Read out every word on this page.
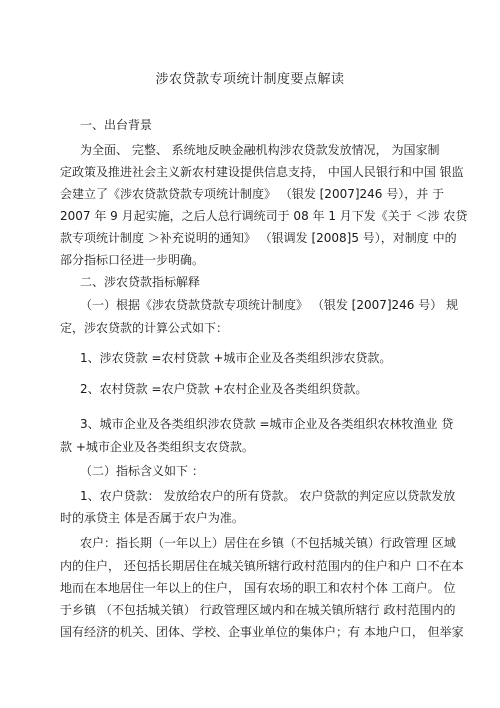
涉农贷款专项统计制度要点解读
一、出台背景
为全面、 完整、 系统地反映金融机构涉农贷款发放情况， 为国家制
定政策及推进社会主义新农村建设提供信息支持， 中国人民银行和中国 银监
会建立了《涉农贷款贷款专项统计制度》 （银发 [2007]246 号），并 于
2007 年 9 月起实施，之后人总行调统司于 08 年 1 月下发《关于 ＜涉 农贷
款专项统计制度 ＞补充说明的通知》 （银调发 [2008]5 号），对制度 中的
部分指标口径进一步明确。
二、涉农贷款指标解释
（一）根据《涉农贷款贷款专项统计制度》 （银发 [2007]246 号） 规
定，涉农贷款的计算公式如下：
1、涉农贷款 =农村贷款 +城市企业及各类组织涉农贷款。
2、农村贷款 =农户贷款 +农村企业及各类组织贷款。
3、城市企业及各类组织涉农贷款 =城市企业及各类组织农林牧渔业 贷
款 +城市企业及各类组织支农贷款。
（二）指标含义如下 ：
1、农户贷款： 发放给农户的所有贷款。 农户贷款的判定应以贷款发放
时的承贷主 体是否属于农户为准。
农户：指长期（一年以上）居住在乡镇（不包括城关镇）行政管理 区域
内的住户， 还包括长期居住在城关镇所辖行政村范围内的住户和户 口不在本
地而在本地居住一年以上的住户， 国有农场的职工和农村个体 工商户。 位
于乡镇 （不包括城关镇） 行政管理区域内和在城关镇所辖行 政村范围内的
国有经济的机关、团体、学校、企事业单位的集体户；有 本地户口， 但举家
